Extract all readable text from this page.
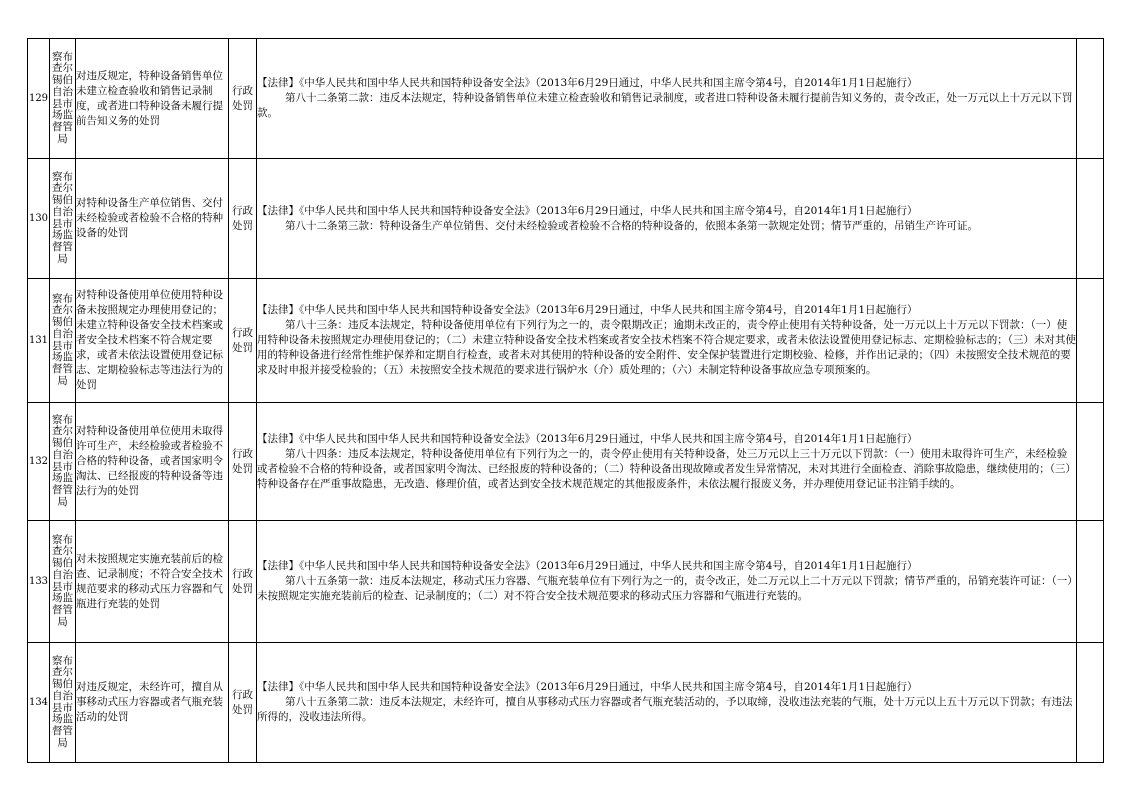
129	察布查尔锡伯自治县市场监督管局	对违反规定，特种设备销售单位未建立检查验收和销售记录制度，或者进口特种设备未履行提前告知义务的处罚	行政处罚	【法律】《中华人民共和国中华人民共和国特种设备安全法》（2013年6月29日通过，中华人民共和国主席令第4号，自2014年1月1日起施行）
第八十二条第二款：违反本法规定，特种设备销售单位未建立检查验收和销售记录制度，或者进口特种设备未履行提前告知义务的，责令改正，处一万元以上十万元以下罚款。	
130	察布查尔锡伯自治县市场监督管局	对特种设备生产单位销售、交付未经检验或者检验不合格的特种设备的处罚	行政处罚	【法律】《中华人民共和国中华人民共和国特种设备安全法》（2013年6月29日通过，中华人民共和国主席令第4号，自2014年1月1日起施行）
第八十二条第三款：特种设备生产单位销售、交付未经检验或者检验不合格的特种设备的，依照本条第一款规定处罚；情节严重的，吊销生产许可证。	
131	察布查尔锡伯自治县市场监督管局	对特种设备使用单位使用特种设备未按照规定办理使用登记的；未建立特种设备安全技术档案或者安全技术档案不符合规定要求，或者未依法设置使用登记标志、定期检验标志等违法行为的处罚	行政处罚	【法律】《中华人民共和国中华人民共和国特种设备安全法》（2013年6月29日通过，中华人民共和国主席令第4号，自2014年1月1日起施行）
第八十三条：违反本法规定，特种设备使用单位有下列行为之一的，责令限期改正；逾期未改正的，责令停止使用有关特种设备，处一万元以上十万元以下罚款：（一）使用特种设备未按照规定办理使用登记的；（二）未建立特种设备安全技术档案或者安全技术档案不符合规定要求，或者未依法设置使用登记标志、定期检验标志的；（三）未对其使用的特种设备进行经常性维护保养和定期自行检查，或者未对其使用的特种设备的安全附件、安全保护装置进行定期校验、检修，并作出记录的；（四）未按照安全技术规范的要求及时申报并接受检验的；（五）未按照安全技术规范的要求进行锅炉水（介）质处理的；（六）未制定特种设备事故应急专项预案的。	
132	察布查尔锡伯自治县市场监督管局	对特种设备使用单位使用未取得许可生产，未经检验或者检验不合格的特种设备，或者国家明令淘汰、已经报废的特种设备等违法行为的处罚	行政处罚	【法律】《中华人民共和国中华人民共和国特种设备安全法》（2013年6月29日通过，中华人民共和国主席令第4号，自2014年1月1日起施行）
第八十四条：违反本法规定，特种设备使用单位有下列行为之一的，责令停止使用有关特种设备，处三万元以上三十万元以下罚款：（一）使用未取得许可生产，未经检验或者检验不合格的特种设备，或者国家明令淘汰、已经报废的特种设备的；（二）特种设备出现故障或者发生异常情况，未对其进行全面检查、消除事故隐患，继续使用的；（三）特种设备存在严重事故隐患，无改造、修理价值，或者达到安全技术规范规定的其他报废条件，未依法履行报废义务，并办理使用登记证书注销手续的。	
133	察布查尔锡伯自治县市场监督管局	对未按照规定实施充装前后的检查、记录制度；不符合安全技术规范要求的移动式压力容器和气瓶进行充装的处罚	行政处罚	【法律】《中华人民共和国中华人民共和国特种设备安全法》（2013年6月29日通过，中华人民共和国主席令第4号，自2014年1月1日起施行）
第八十五条第一款：违反本法规定，移动式压力容器、气瓶充装单位有下列行为之一的，责令改正，处二万元以上二十万元以下罚款；情节严重的，吊销充装许可证：（一）未按照规定实施充装前后的检查、记录制度的；（二）对不符合安全技术规范要求的移动式压力容器和气瓶进行充装的。	
134	察布查尔锡伯自治县市场监督管局	对违反规定，未经许可，擅自从事移动式压力容器或者气瓶充装活动的处罚	行政处罚	【法律】《中华人民共和国中华人民共和国特种设备安全法》（2013年6月29日通过，中华人民共和国主席令第4号，自2014年1月1日起施行）
第八十五条第二款：违反本法规定，未经许可，擅自从事移动式压力容器或者气瓶充装活动的，予以取缔，没收违法充装的气瓶，处十万元以上五十万元以下罚款；有违法所得的，没收违法所得。	
